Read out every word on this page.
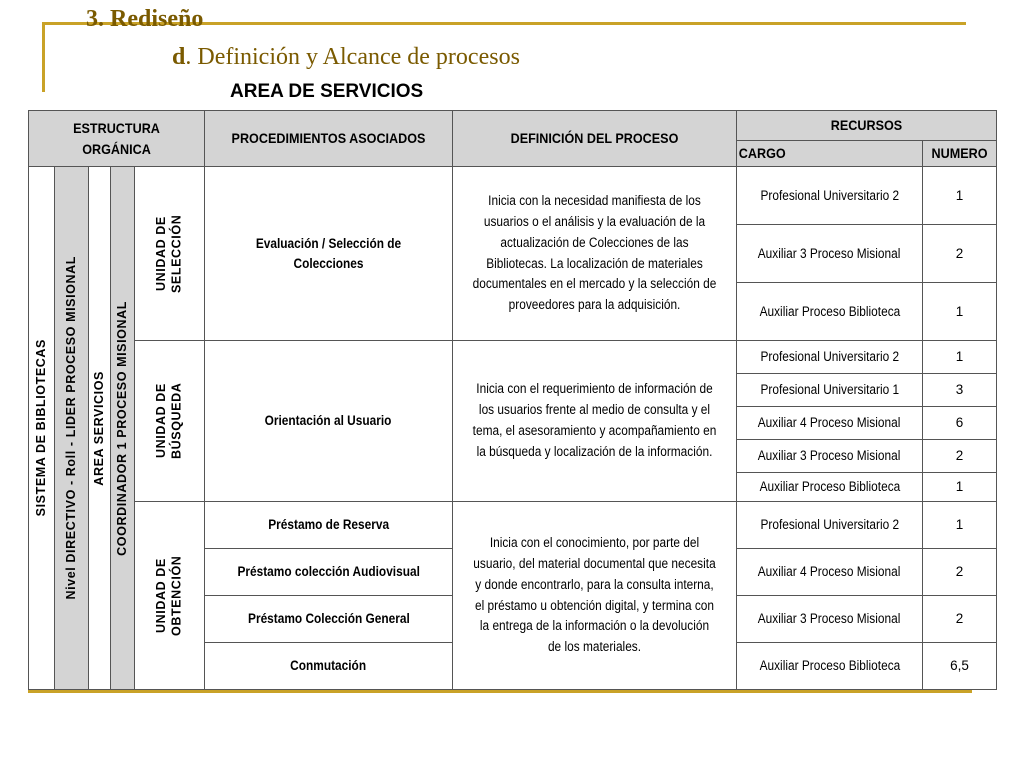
3. Rediseño
d. Definición y Alcance de procesos
AREA DE SERVICIOS
ESTRUCTURA ORGÁNICA					PROCEDIMIENTOS ASOCIADOS	DEFINICIÓN DEL PROCESO	RECURSOS	

							CARGO	NUMERO

SISTEMA DE BIBLIOTECAS	Nivel DIRECTIVO - Roll - LIDER PROCESO MISIONAL	AREA SERVICIOS	COORDINADOR 1 PROCESO MISIONAL	UNIDAD DE SELECCIÓN	Evaluación / Selección de Colecciones	Inicia con la necesidad manifiesta de los usuarios o el análisis y la evaluación de la actualización de Colecciones de las Bibliotecas. La localización de materiales documentales en el mercado y la selección de proveedores para la adquisición.	Profesional Universitario 2	1
							Auxiliar 3 Proceso Misional	2
							Auxiliar Proceso Biblioteca	1

				UNIDAD DE BÚSQUEDA	Orientación al Usuario	Inicia con el requerimiento de información de los usuarios frente al medio de consulta y el tema, el asesoramiento y acompañamiento en la búsqueda y localización de la información.	Profesional Universitario 2	1
							Profesional Universitario 1	3
							Auxiliar 4 Proceso Misional	6
							Auxiliar 3 Proceso Misional	2
							Auxiliar Proceso Biblioteca	1

				UNIDAD DE OBTENCIÓN	Préstamo de Reserva	Inicia con el conocimiento, por parte del usuario, del material documental que necesita y donde encontrarlo, para la consulta interna, el préstamo u obtención digital, y termina con la entrega de la información o la devolución de los materiales.	Profesional Universitario 2	1
					Préstamo colección Audiovisual		Auxiliar 4 Proceso Misional	2
					Préstamo Colección General		Auxiliar 3 Proceso Misional	2
					Conmutación		Auxiliar Proceso Biblioteca	6,5
